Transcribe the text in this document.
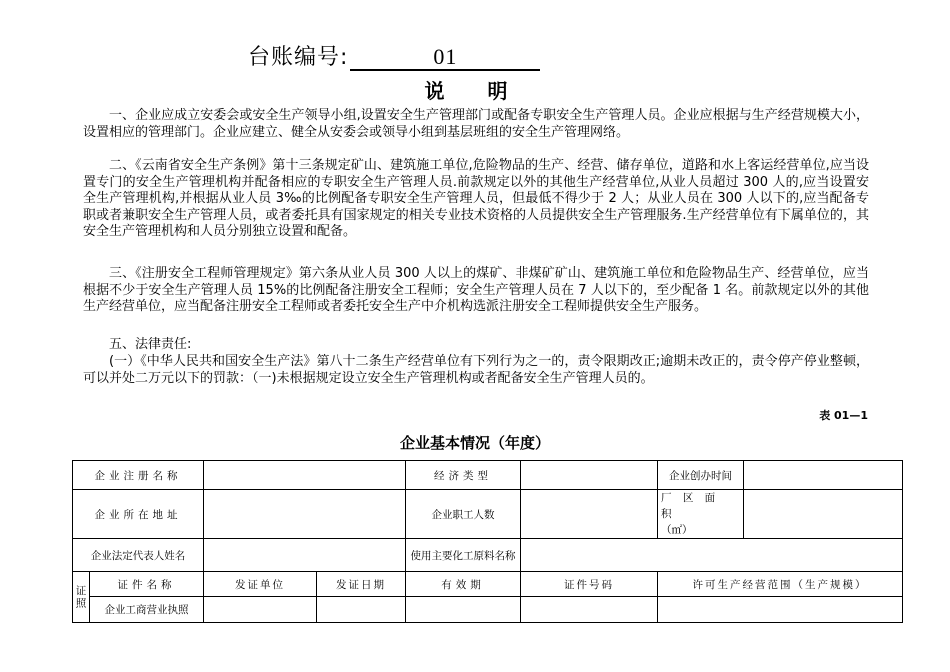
台账编号:	01
说 明
一、企业应成立安委会或安全生产领导小组,设置安全生产管理部门或配备专职安全生产管理人员。企业应根据与生产经营规模大小，设置相应的管理部门。企业应建立、健全从安委会或领导小组到基层班组的安全生产管理网络。
二、《云南省安全生产条例》第十三条规定矿山、建筑施工单位,危险物品的生产、经营、储存单位，道路和水上客运经营单位,应当设置专门的安全生产管理机构并配备相应的专职安全生产管理人员.前款规定以外的其他生产经营单位,从业人员超过 300 人的,应当设置安全生产管理机构,并根据从业人员 3‰的比例配备专职安全生产管理人员，但最低不得少于 2 人；从业人员在 300 人以下的,应当配备专职或者兼职安全生产管理人员，或者委托具有国家规定的相关专业技术资格的人员提供安全生产管理服务.生产经营单位有下属单位的，其安全生产管理机构和人员分别独立设置和配备。
三、《注册安全工程师管理规定》第六条从业人员 300 人以上的煤矿、非煤矿矿山、建筑施工单位和危险物品生产、经营单位，应当根据不少于安全生产管理人员 15%的比例配备注册安全工程师；安全生产管理人员在 7 人以下的，至少配备 1 名。前款规定以外的其他生产经营单位，应当配备注册安全工程师或者委托安全生产中介机构选派注册安全工程师提供安全生产服务。
五、法律责任:
(一）《中华人民共和国安全生产法》第八十二条生产经营单位有下列行为之一的，责令限期改正;逾期未改正的，责令停产停业整顿，可以并处二万元以下的罚款：（一)未根据规定设立安全生产管理机构或者配备安全生产管理人员的。
表 01—1
企业基本情况（年度）
企业注册名称				经济类型		企业创办时间	
企业所在地址				企业职工人数		厂 区 面 积
（㎡）	

企业法定代表人姓名				使用主要化工原料名称			
证照	证件名称	发证单位	发证日期	有效期	证件号码	许可生产经营范围（生产规模）	
	企业工商营业执照						
